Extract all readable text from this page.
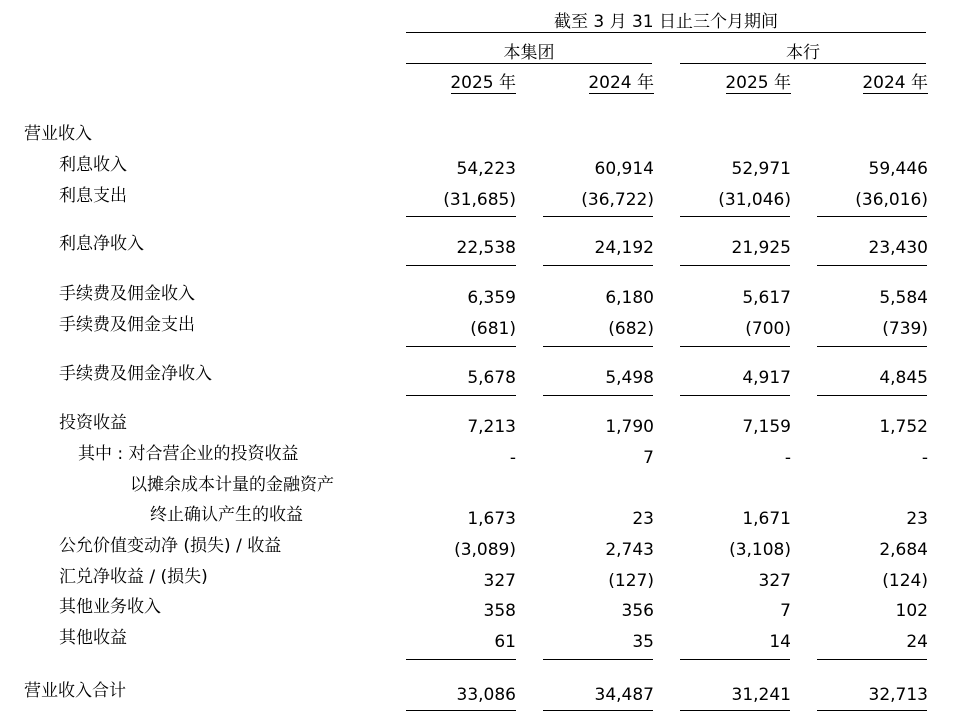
截至 3 月 31 日止三个月期间
本集团	本行
2025 年	2024 年	2025 年	2024 年
营业收入
利息收入	54,223	60,914	52,971	59,446
利息支出	(31,685)	(36,722)	(31,046)	(36,016)
利息净收入	22,538	24,192	21,925	23,430
手续费及佣金收入	6,359	6,180	5,617	5,584
手续费及佣金支出	(681)	(682)	(700)	(739)
手续费及佣金净收入	5,678	5,498	4,917	4,845
投资收益	7,213	1,790	7,159	1,752
其中 : 对合营企业的投资收益	-	7	-	-
以摊余成本计量的金融资产
终止确认产生的收益	1,673	23	1,671	23
公允价值变动净 (损失) / 收益	(3,089)	2,743	(3,108)	2,684
汇兑净收益 / (损失)	327	(127)	327	(124)
其他业务收入	358	356	7	102
其他收益	61	35	14	24
营业收入合计	33,086	34,487	31,241	32,713
